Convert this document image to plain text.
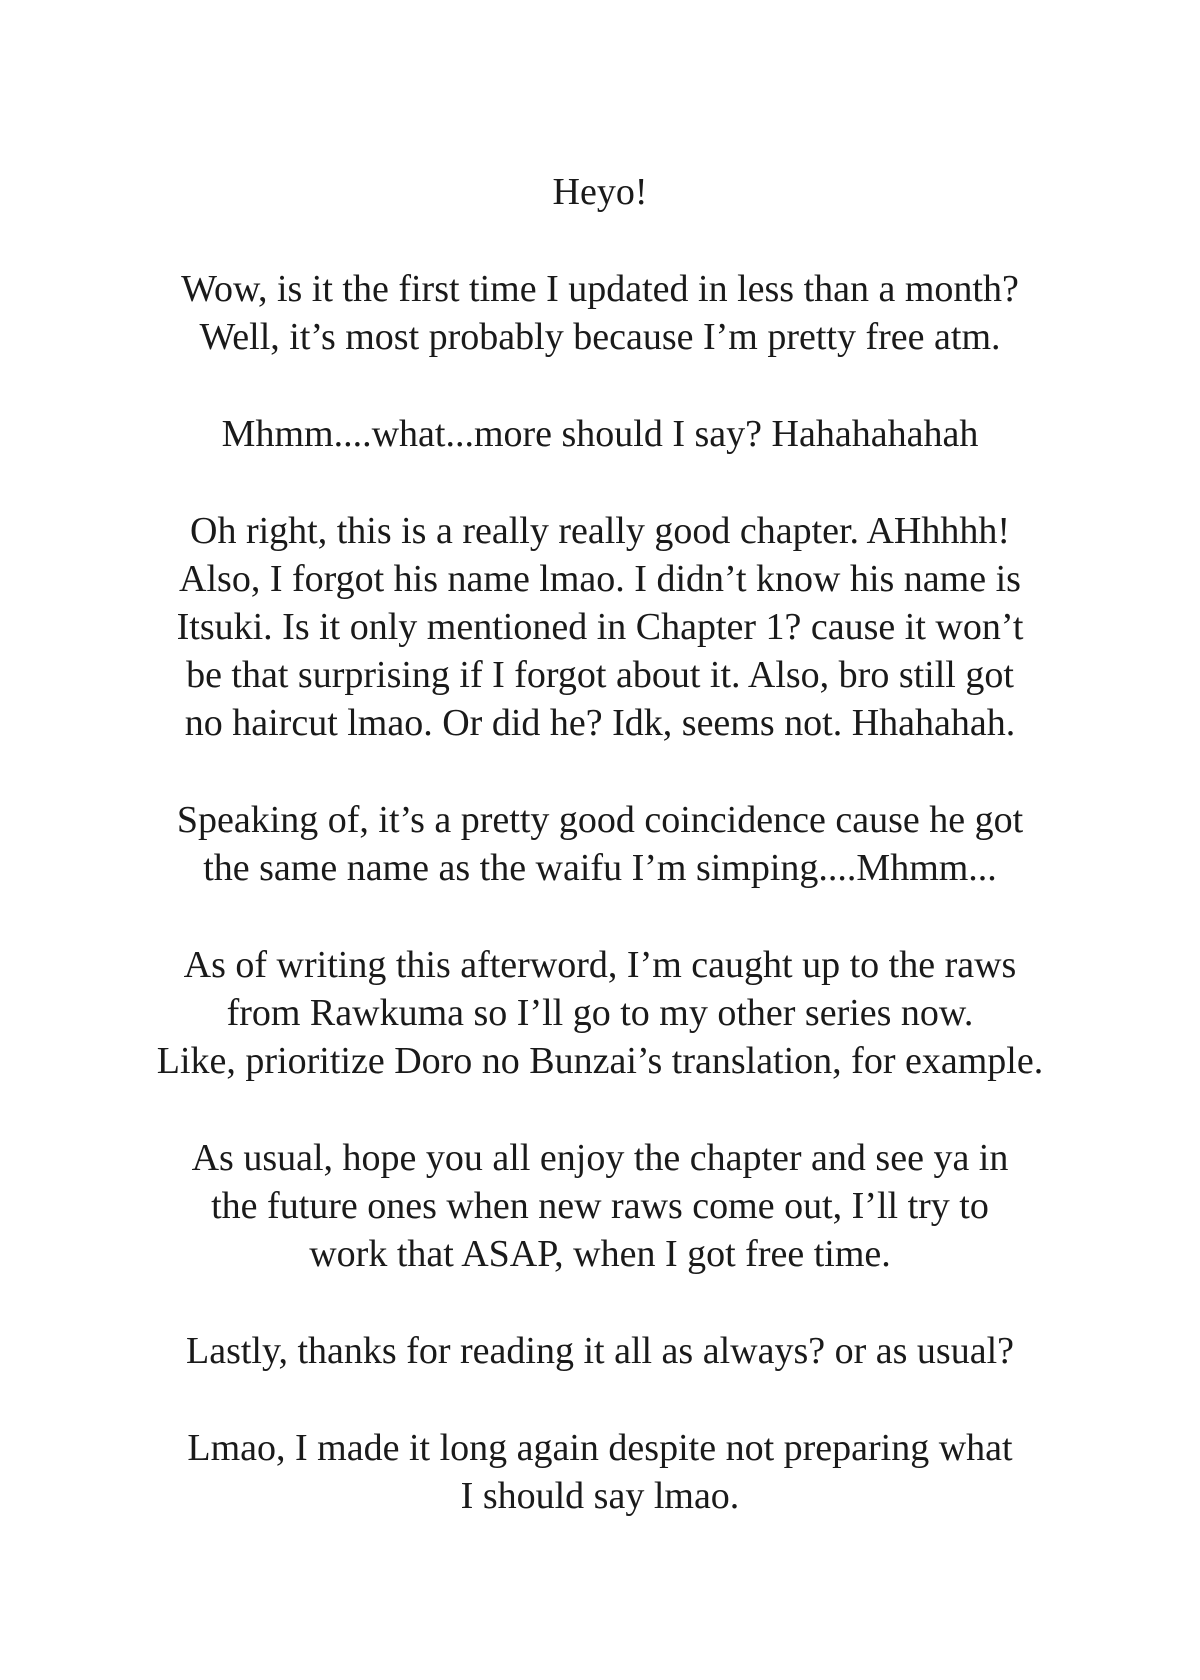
Heyo!

Wow, is it the first time I updated in less than a month?
Well, it’s most probably because I’m pretty free atm.

Mhmm....what...more should I say? Hahahahahah

Oh right, this is a really really good chapter. AHhhhh!
Also, I forgot his name lmao. I didn’t know his name is
Itsuki. Is it only mentioned in Chapter 1? cause it won’t
be that surprising if I forgot about it. Also, bro still got
no haircut lmao. Or did he? Idk, seems not. Hhahahah.

Speaking of, it’s a pretty good coincidence cause he got
the same name as the waifu I’m simping....Mhmm...

As of writing this afterword, I’m caught up to the raws
from Rawkuma so I’ll go to my other series now.
Like, prioritize Doro no Bunzai’s translation, for example.

As usual, hope you all enjoy the chapter and see ya in
the future ones when new raws come out, I’ll try to
work that ASAP, when I got free time.

Lastly, thanks for reading it all as always? or as usual?

Lmao, I made it long again despite not preparing what
I should say lmao.
